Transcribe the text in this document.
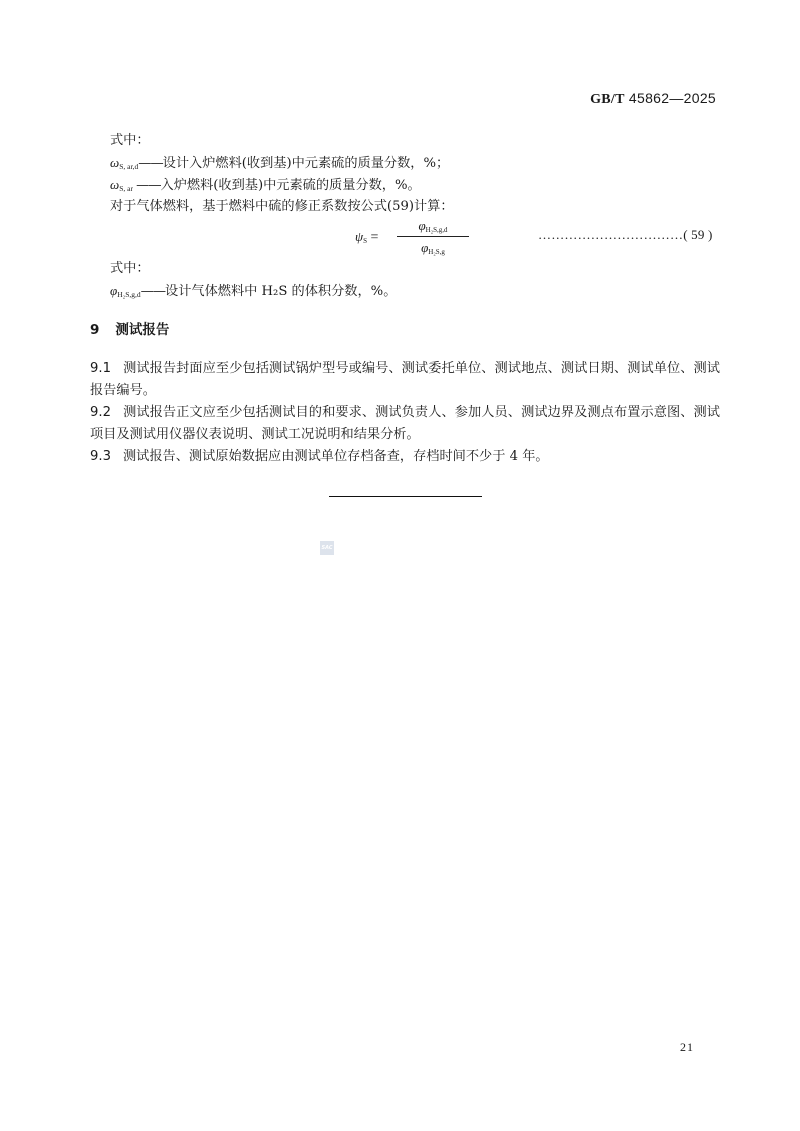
GB/T 45862—2025
式中：
$\omega_{S, ar,d}——$设计入炉燃料(收到基)中元素硫的质量分数，%；
$\omega_{S, ar}$ ——入炉燃料(收到基)中元素硫的质量分数，%。
对于气体燃料，基于燃料中硫的修正系数按公式(59)计算：
$\psi_S$ =
$\varphi_{H_2S,g,d}$
$\varphi_{H_2S,g}$
……………………………( 59 )
式中：
$\varphi_{H_2S,g,d}——$设计气体燃料中 H₂S 的体积分数，%。
9 测试报告
9.1 测试报告封面应至少包括测试锅炉型号或编号、测试委托单位、测试地点、测试日期、测试单位、测试报告编号。
9.2 测试报告正文应至少包括测试目的和要求、测试负责人、参加人员、测试边界及测点布置示意图、测试项目及测试用仪器仪表说明、测试工况说明和结果分析。
9.3 测试报告、测试原始数据应由测试单位存档备查，存档时间不少于 4 年。
SAC
21
